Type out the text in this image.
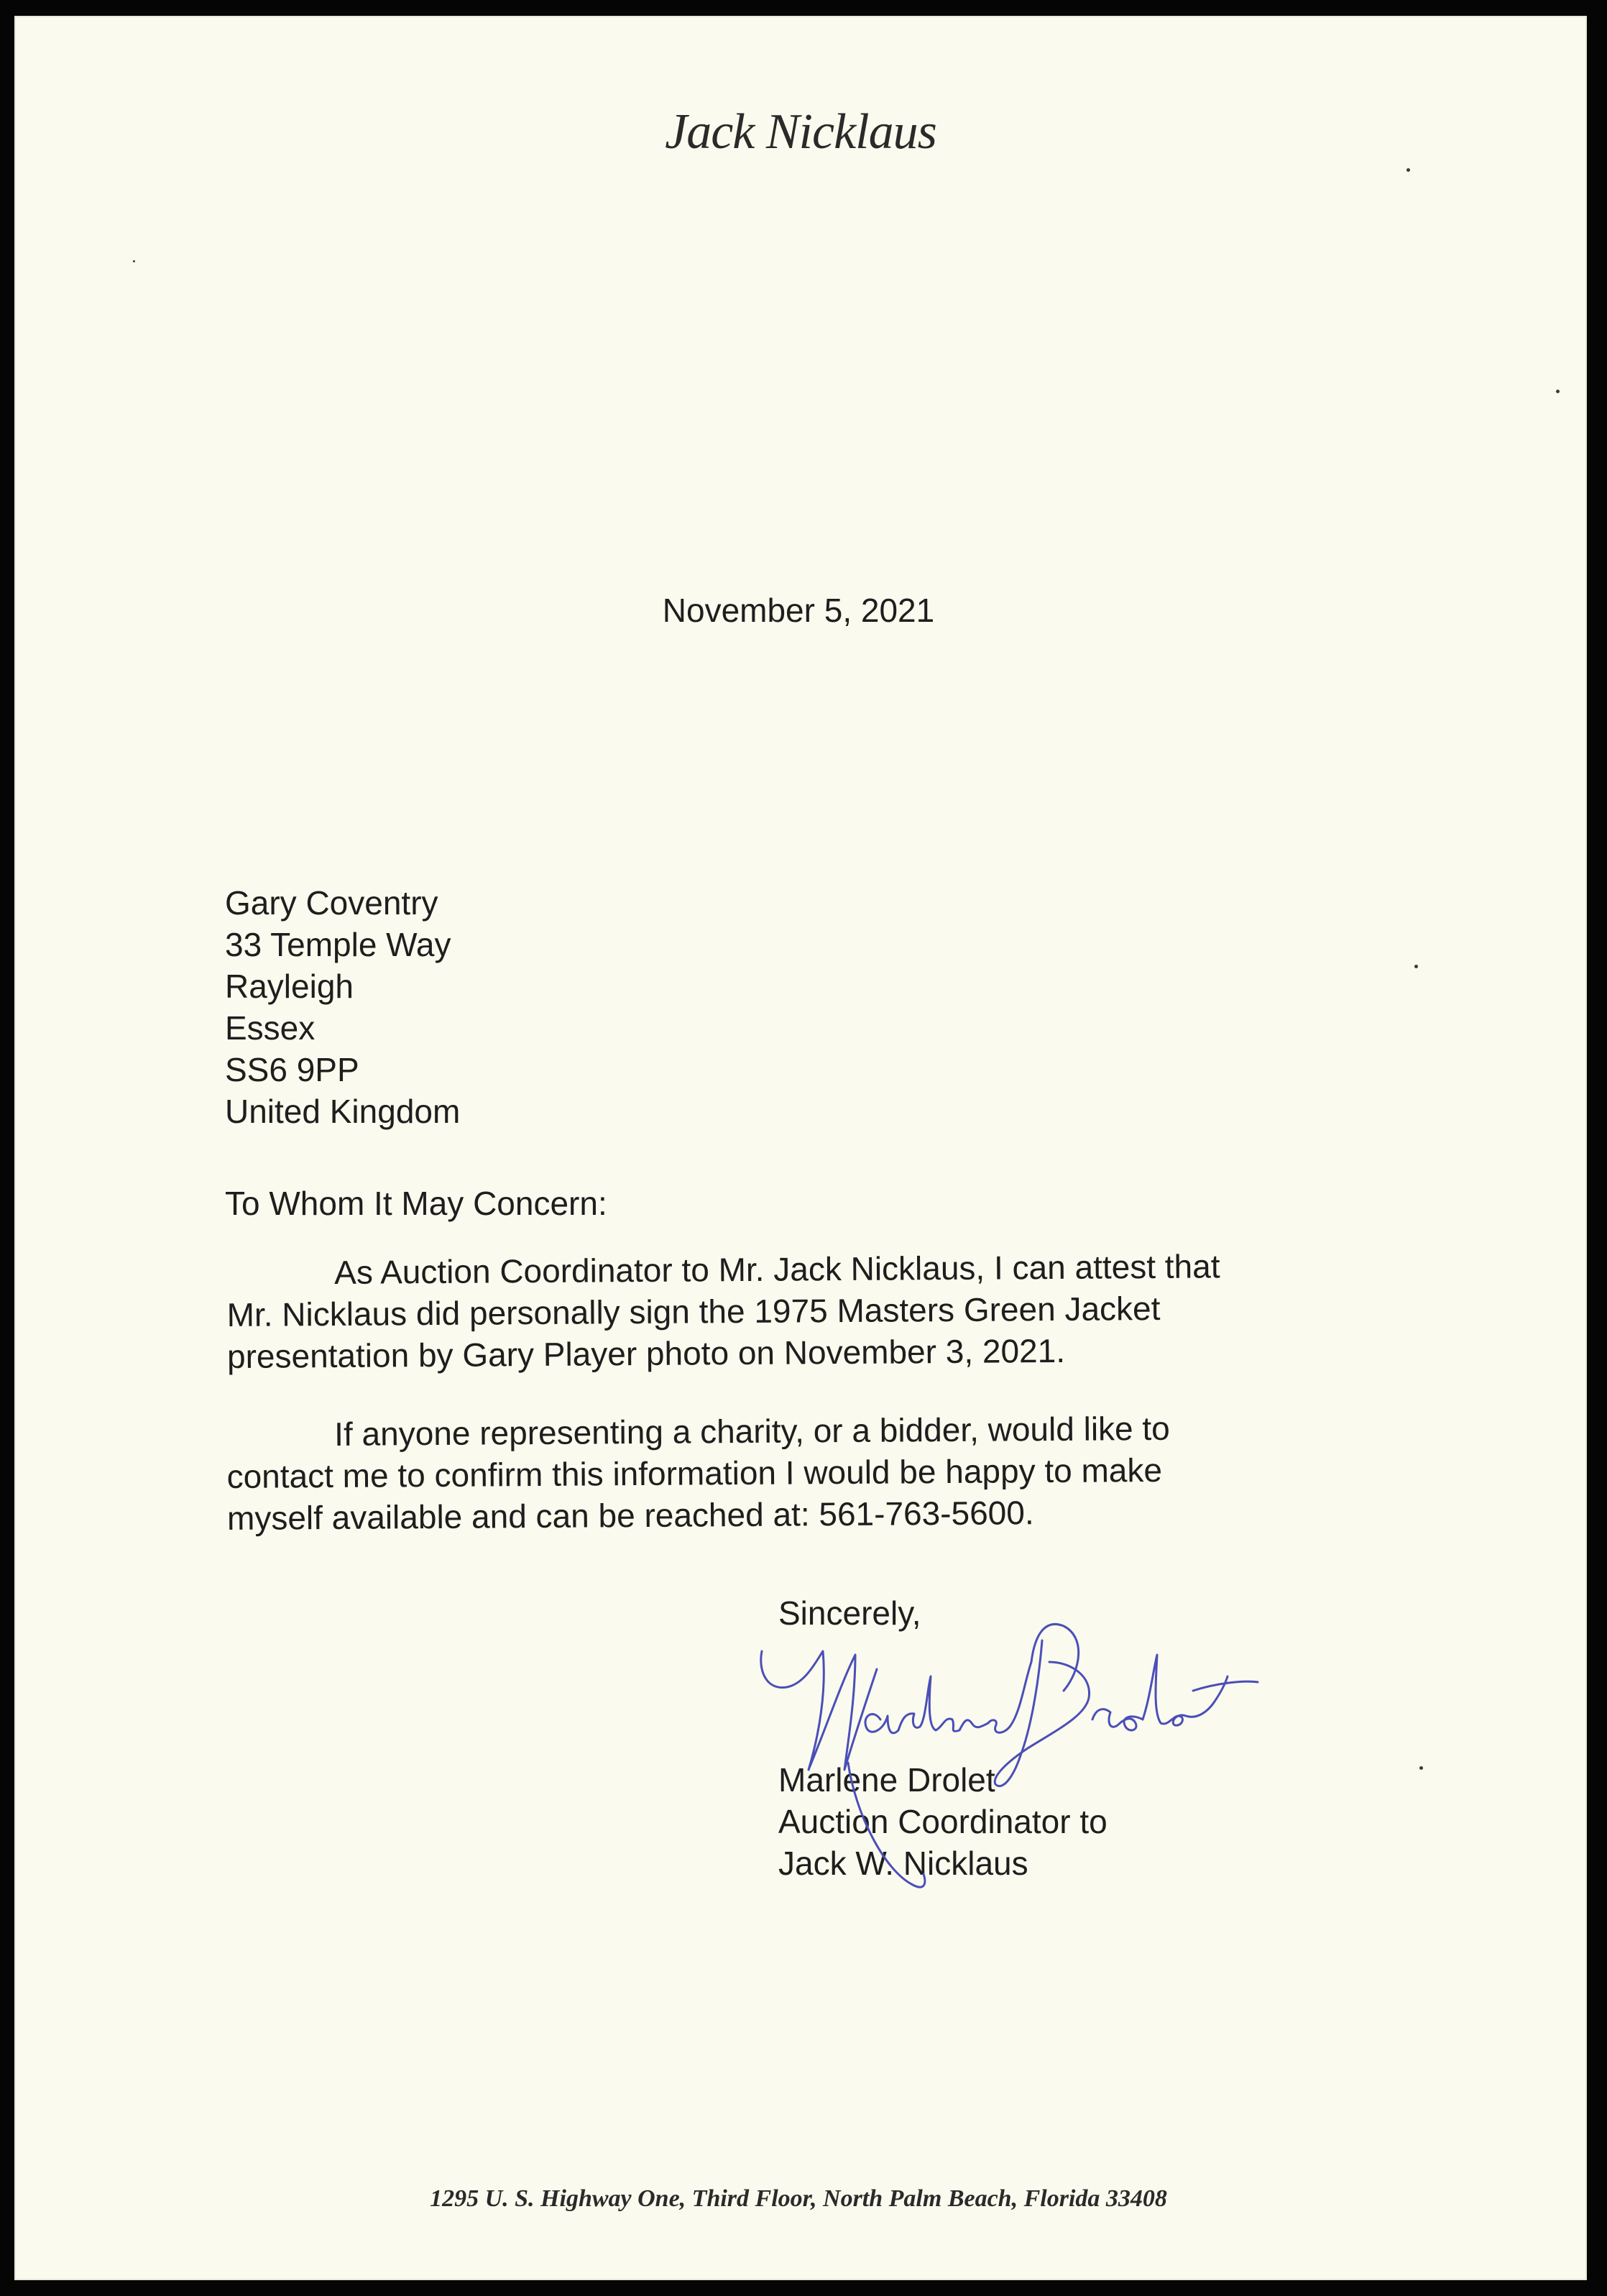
Jack Nicklaus
November 5, 2021
Gary Coventry
33 Temple Way
Rayleigh
Essex
SS6 9PP
United Kingdom
To Whom It May Concern:
As Auction Coordinator to Mr. Jack Nicklaus, I can attest that
Mr. Nicklaus did personally sign the 1975 Masters Green Jacket
presentation by Gary Player photo on November 3, 2021.
If anyone representing a charity, or a bidder, would like to
contact me to confirm this information I would be happy to make
myself available and can be reached at: 561-763-5600.
Sincerely,
Marlene Drolet
Auction Coordinator to
Jack W. Nicklaus
1295 U. S. Highway One, Third Floor, North Palm Beach, Florida 33408
